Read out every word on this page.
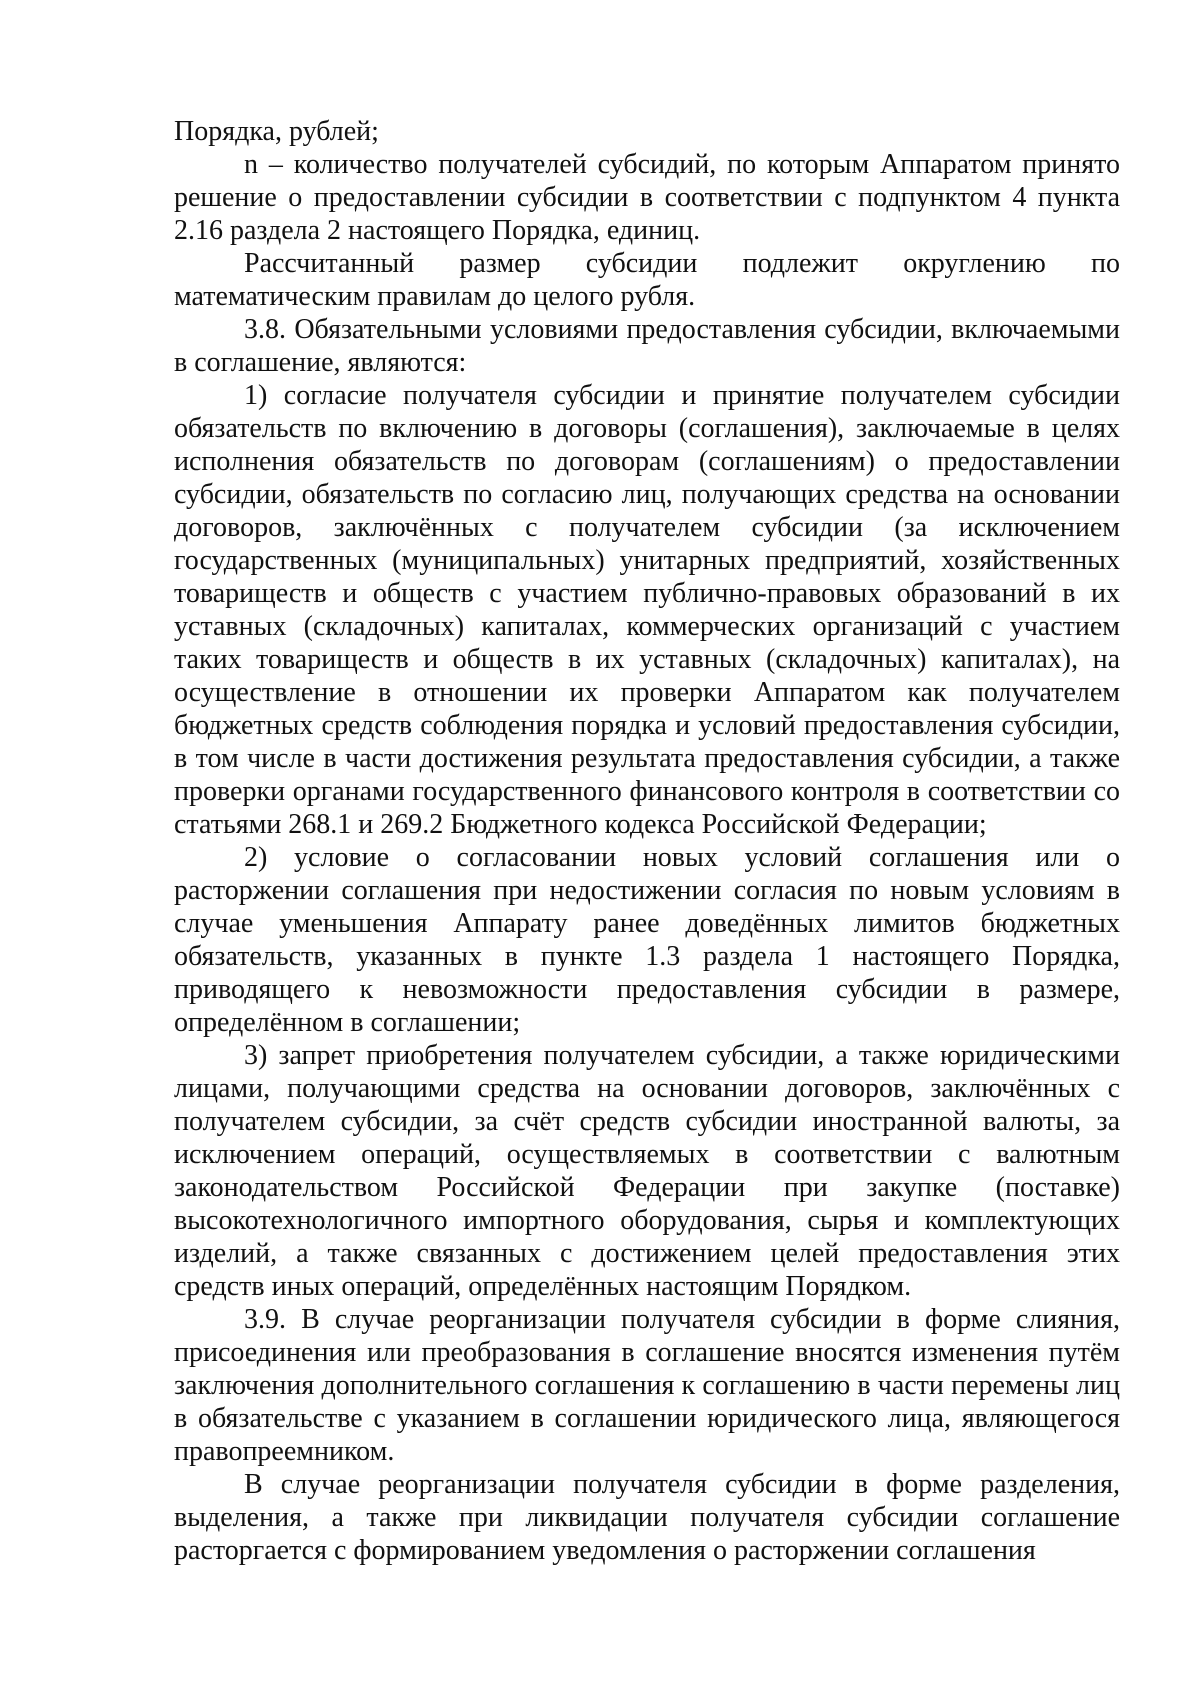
Порядка, рублей;

n – количество получателей субсидий, по которым Аппаратом принято решение о предоставлении субсидии в соответствии с подпунктом 4 пункта 2.16 раздела 2 настоящего Порядка, единиц.

Рассчитанный размер субсидии подлежит округлению по математическим правилам до целого рубля.

3.8. Обязательными условиями предоставления субсидии, включаемыми в соглашение, являются:

1) согласие получателя субсидии и принятие получателем субсидии обязательств по включению в договоры (соглашения), заключаемые в целях исполнения обязательств по договорам (соглашениям) о предоставлении субсидии, обязательств по согласию лиц, получающих средства на основании договоров, заключённых с получателем субсидии (за исключением государственных (муниципальных) унитарных предприятий, хозяйственных товариществ и обществ с участием публично-правовых образований в их уставных (складочных) капиталах, коммерческих организаций с участием таких товариществ и обществ в их уставных (складочных) капиталах), на осуществление в отношении их проверки Аппаратом как получателем бюджетных средств соблюдения порядка и условий предоставления субсидии, в том числе в части достижения результата предоставления субсидии, а также проверки органами государственного финансового контроля в соответствии со статьями 268.1 и 269.2 Бюджетного кодекса Российской Федерации;

2) условие о согласовании новых условий соглашения или о расторжении соглашения при недостижении согласия по новым условиям в случае уменьшения Аппарату ранее доведённых лимитов бюджетных обязательств, указанных в пункте 1.3 раздела 1 настоящего Порядка, приводящего к невозможности предоставления субсидии в размере, определённом в соглашении;

3) запрет приобретения получателем субсидии, а также юридическими лицами, получающими средства на основании договоров, заключённых с получателем субсидии, за счёт средств субсидии иностранной валюты, за исключением операций, осуществляемых в соответствии с валютным законодательством Российской Федерации при закупке (поставке) высокотехнологичного импортного оборудования, сырья и комплектующих изделий, а также связанных с достижением целей предоставления этих средств иных операций, определённых настоящим Порядком.

3.9. В случае реорганизации получателя субсидии в форме слияния, присоединения или преобразования в соглашение вносятся изменения путём заключения дополнительного соглашения к соглашению в части перемены лиц в обязательстве с указанием в соглашении юридического лица, являющегося правопреемником.

В случае реорганизации получателя субсидии в форме разделения, выделения, а также при ликвидации получателя субсидии соглашение расторгается с формированием уведомления о расторжении соглашения
